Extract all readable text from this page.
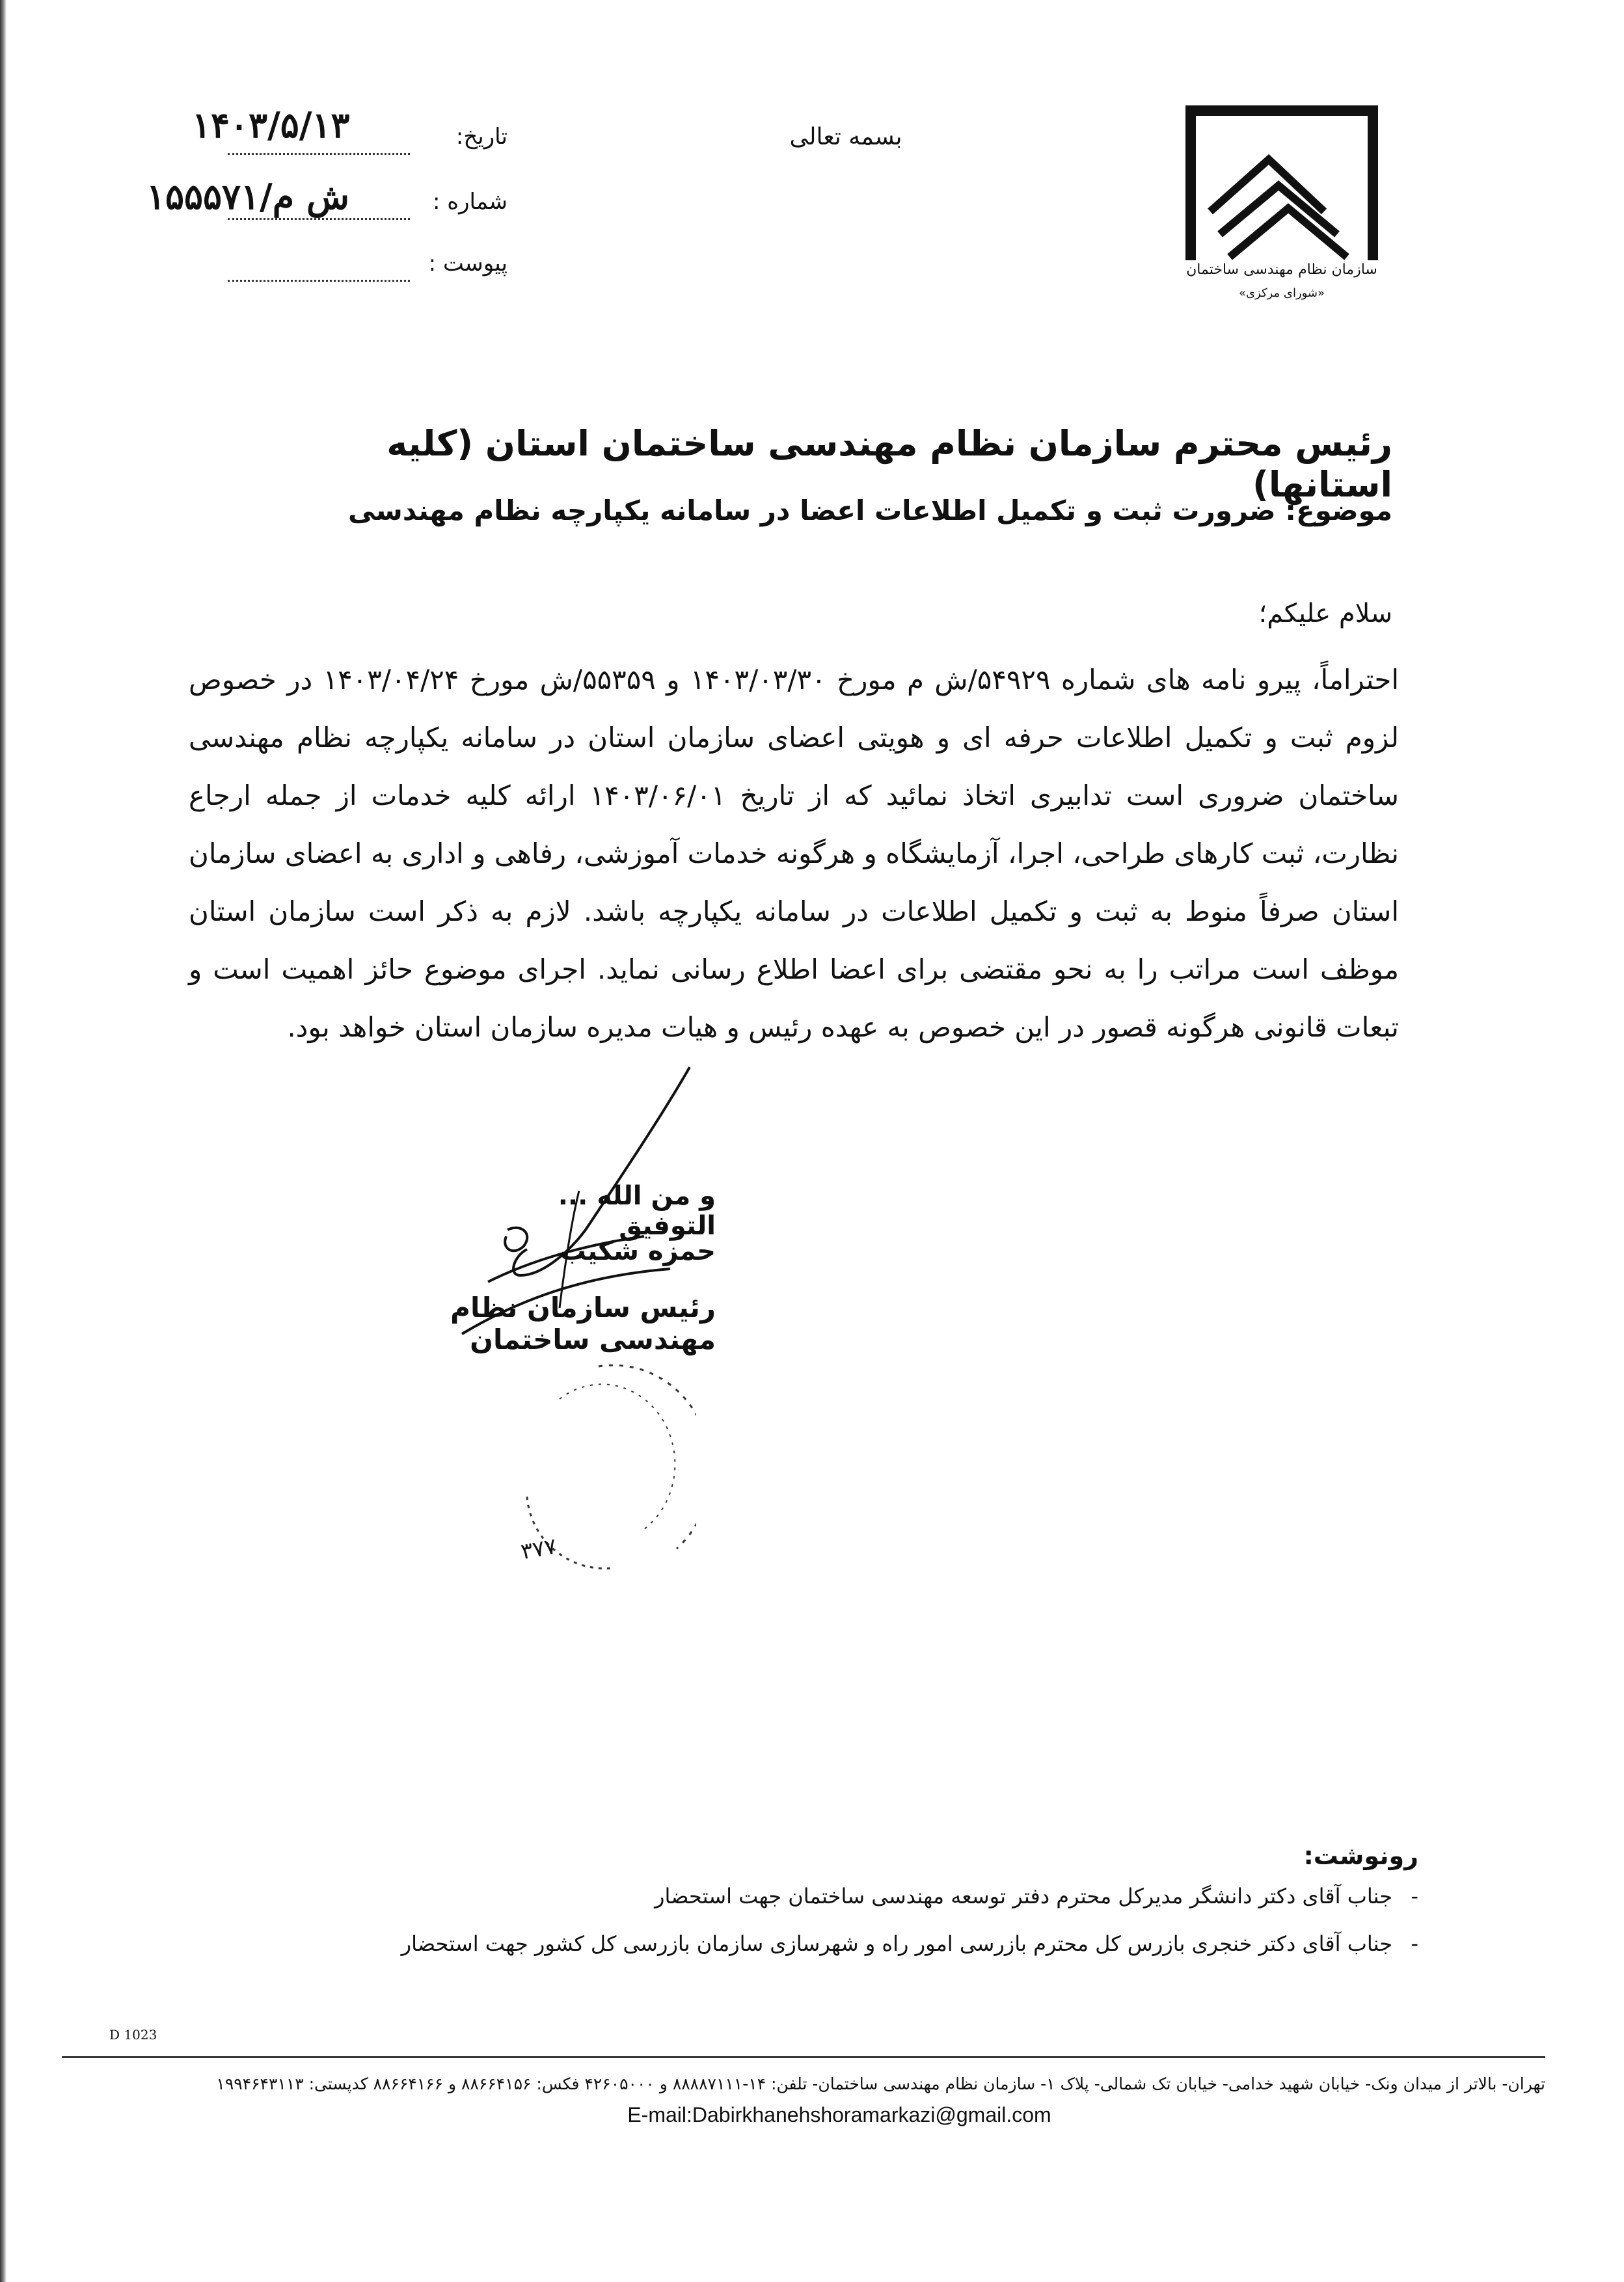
سازمان نظام مهندسی ساختمان
«شورای مرکزی»
بسمه تعالی
تاریخ:
۱۴۰۳/۵/۱۳
شماره :
۱۵۵۵۷۱/ش م
پیوست :
رئیس محترم سازمان نظام مهندسی ساختمان استان (کلیه استانها)
موضوع: ضرورت ثبت و تکمیل اطلاعات اعضا در سامانه یکپارچه نظام مهندسی
سلام علیکم؛
احتراماً، پیرو نامه های شماره ۵۴۹۲۹/ش م مورخ ۱۴۰۳/۰۳/۳۰ و ۵۵۳۵۹/ش مورخ ۱۴۰۳/۰۴/۲۴ در خصوص لزوم ثبت و تکمیل اطلاعات حرفه ای و هویتی اعضای سازمان استان در سامانه یکپارچه نظام مهندسی ساختمان ضروری است تدابیری اتخاذ نمائید که از تاریخ ۱۴۰۳/۰۶/۰۱ ارائه کلیه خدمات از جمله ارجاع نظارت، ثبت کارهای طراحی، اجرا، آزمایشگاه و هرگونه خدمات آموزشی، رفاهی و اداری به اعضای سازمان استان صرفاً منوط به ثبت و تکمیل اطلاعات در سامانه یکپارچه باشد. لازم به ذکر است سازمان استان موظف است مراتب را به نحو مقتضی برای اعضا اطلاع رسانی نماید. اجرای موضوع حائز اهمیت است و تبعات قانونی هرگونه قصور در این خصوص به عهده رئیس و هیات مدیره سازمان استان خواهد بود.
و من الله ... التوفیق
حمزه شکیب
رئیس سازمان نظام مهندسی ساختمان
۳۷۷
رونوشت:
-
جناب آقای دکتر دانشگر مدیرکل محترم دفتر توسعه مهندسی ساختمان جهت استحضار
-
جناب آقای دکتر خنجری بازرس کل محترم بازرسی امور راه و شهرسازی سازمان بازرسی کل کشور جهت استحضار
D 1023
تهران- بالاتر از میدان ونک- خیابان شهید خدامی- خیابان تک شمالی- پلاک ۱- سازمان نظام مهندسی ساختمان- تلفن: ۱۴-۸۸۸۸۷۱۱۱ و ۴۲۶۰۵۰۰۰ فکس: ۸۸۶۶۴۱۵۶ و ۸۸۶۶۴۱۶۶ کدپستی: ۱۹۹۴۶۴۳۱۱۳
E-mail:Dabirkhanehshoramarkazi@gmail.com
